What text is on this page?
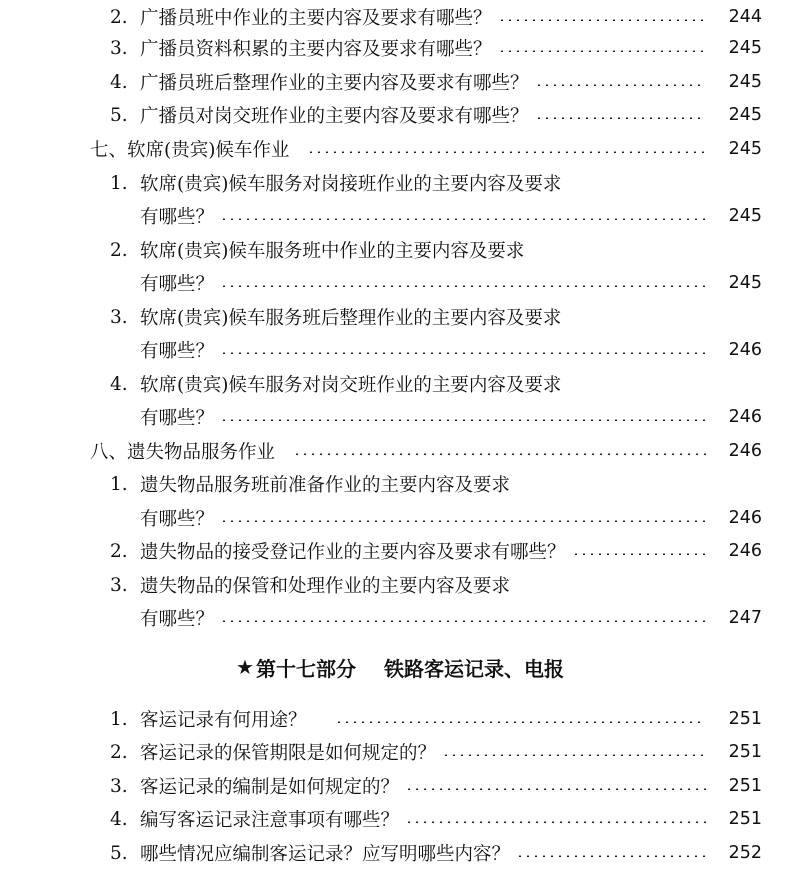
2. 广播员班中作业的主要内容及要求有哪些？	244
3. 广播员资料积累的主要内容及要求有哪些？	245
4. 广播员班后整理作业的主要内容及要求有哪些？	245
5. 广播员对岗交班作业的主要内容及要求有哪些？	245
七、软席(贵宾)候车作业	245
1. 软席(贵宾)候车服务对岗接班作业的主要内容及要求
有哪些？	245
2. 软席(贵宾)候车服务班中作业的主要内容及要求
有哪些？	245
3. 软席(贵宾)候车服务班后整理作业的主要内容及要求
有哪些？	246
4. 软席(贵宾)候车服务对岗交班作业的主要内容及要求
有哪些？	246
八、遗失物品服务作业	246
1. 遗失物品服务班前准备作业的主要内容及要求
有哪些？	246
2. 遗失物品的接受登记作业的主要内容及要求有哪些？	246
3. 遗失物品的保管和处理作业的主要内容及要求
有哪些？	247
★ 第十七部分 铁路客运记录、电报
1. 客运记录有何用途？	251
2. 客运记录的保管期限是如何规定的？	251
3. 客运记录的编制是如何规定的？	251
4. 编写客运记录注意事项有哪些？	251
5. 哪些情况应编制客运记录？应写明哪些内容？	252
